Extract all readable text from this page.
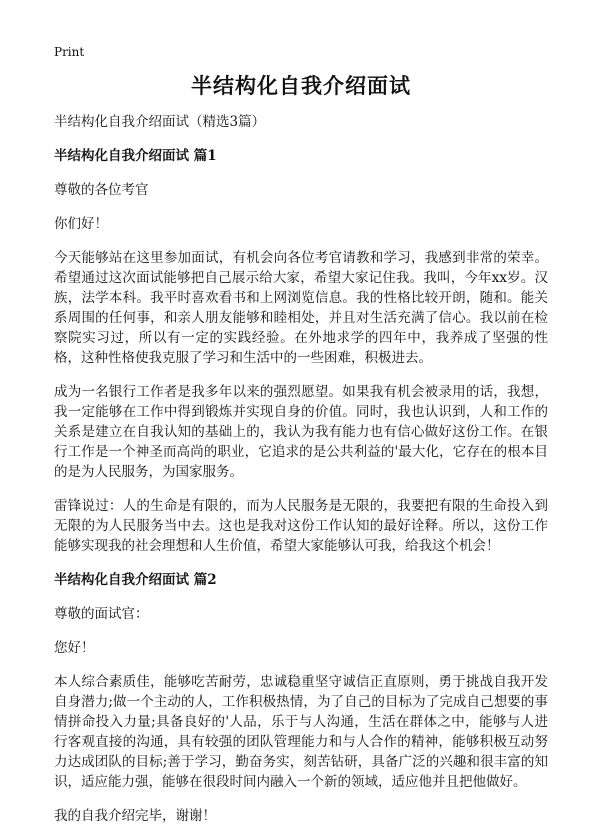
Print
半结构化自我介绍面试
半结构化自我介绍面试（精选3篇）
半结构化自我介绍面试 篇1
尊敬的各位考官
你们好！
今天能够站在这里参加面试，有机会向各位考官请教和学习，我感到非常的荣幸。希望通过这次面试能够把自己展示给大家，希望大家记住我。我叫，今年xx岁。汉族，法学本科。我平时喜欢看书和上网浏览信息。我的性格比较开朗，随和。能关系周围的任何事，和亲人朋友能够和睦相处，并且对生活充满了信心。我以前在检察院实习过，所以有一定的实践经验。在外地求学的四年中，我养成了坚强的性格，这种性格使我克服了学习和生活中的一些困难，积极进去。
成为一名银行工作者是我多年以来的强烈愿望。如果我有机会被录用的话，我想，我一定能够在工作中得到锻炼并实现自身的价值。同时，我也认识到，人和工作的关系是建立在自我认知的基础上的，我认为我有能力也有信心做好这份工作。在银行工作是一个神圣而高尚的职业，它追求的是公共利益的'最大化，它存在的根本目的是为人民服务，为国家服务。
雷锋说过：人的生命是有限的，而为人民服务是无限的，我要把有限的生命投入到无限的为人民服务当中去。这也是我对这份工作认知的最好诠释。所以，这份工作能够实现我的社会理想和人生价值，希望大家能够认可我，给我这个机会！
半结构化自我介绍面试 篇2
尊敬的面试官：
您好！
本人综合素质佳，能够吃苦耐劳，忠诚稳重坚守诚信正直原则，勇于挑战自我开发自身潜力;做一个主动的人，工作积极热情，为了自己的目标为了完成自己想要的事情拼命投入力量;具备良好的'人品，乐于与人沟通，生活在群体之中，能够与人进行客观直接的沟通，具有较强的团队管理能力和与人合作的精神，能够积极互动努力达成团队的目标;善于学习，勤奋务实，刻苦钻研，具备广泛的兴趣和很丰富的知识，适应能力强，能够在很段时间内融入一个新的领域，适应他并且把他做好。
我的自我介绍完毕，谢谢！
